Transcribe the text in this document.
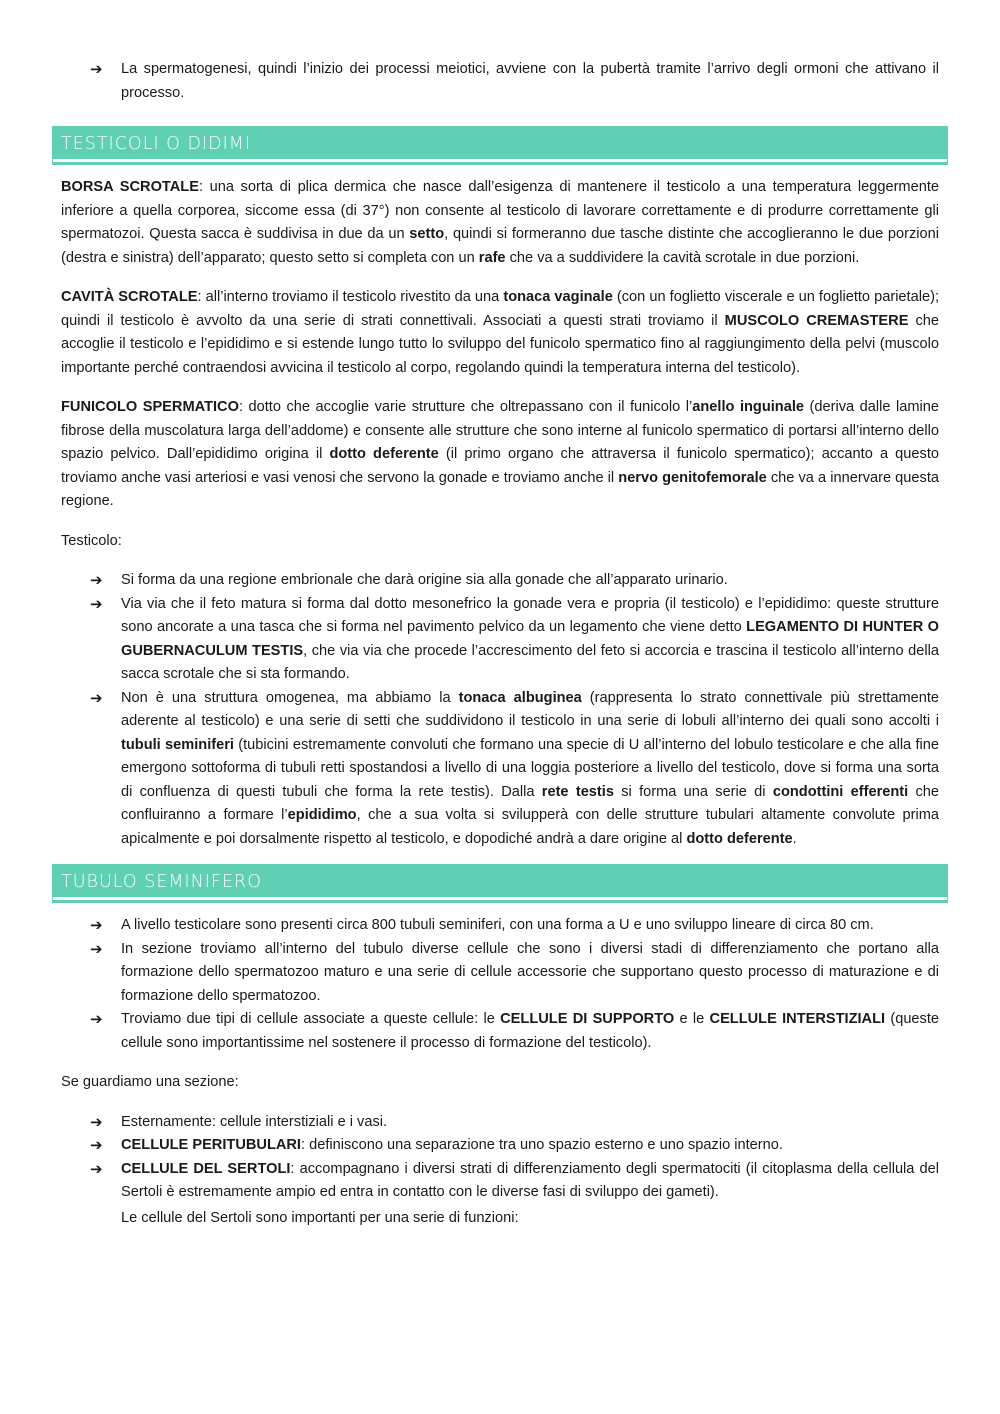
➔	La spermatogenesi, quindi l’inizio dei processi meiotici, avviene con la pubertà tramite l’arrivo degli ormoni che attivano il processo.
TESTICOLI O DIDIMI

BORSA SCROTALE: una sorta di plica dermica che nasce dall’esigenza di mantenere il testicolo a una temperatura leggermente inferiore a quella corporea, siccome essa (di 37°) non consente al testicolo di lavorare correttamente e di produrre correttamente gli spermatozoi. Questa sacca è suddivisa in due da un setto, quindi si formeranno due tasche distinte che accoglieranno le due porzioni (destra e sinistra) dell’apparato; questo setto si completa con un rafe che va a suddividere la cavità scrotale in due porzioni.

CAVITÀ SCROTALE: all’interno troviamo il testicolo rivestito da una tonaca vaginale (con un foglietto viscerale e un foglietto parietale); quindi il testicolo è avvolto da una serie di strati connettivali. Associati a questi strati troviamo il MUSCOLO CREMASTERE che accoglie il testicolo e l’epididimo e si estende lungo tutto lo sviluppo del funicolo spermatico fino al raggiungimento della pelvi (muscolo importante perché contraendosi avvicina il testicolo al corpo, regolando quindi la temperatura interna del testicolo).

FUNICOLO SPERMATICO: dotto che accoglie varie strutture che oltrepassano con il funicolo l’anello inguinale (deriva dalle lamine fibrose della muscolatura larga dell’addome) e consente alle strutture che sono interne al funicolo spermatico di portarsi all’interno dello spazio pelvico. Dall’epididimo origina il dotto deferente (il primo organo che attraversa il funicolo spermatico); accanto a questo troviamo anche vasi arteriosi e vasi venosi che servono la gonade e troviamo anche il nervo genitofemorale che va a innervare questa regione.

Testicolo:

➔	Si forma da una regione embrionale che darà origine sia alla gonade che all’apparato urinario.
➔	Via via che il feto matura si forma dal dotto mesonefrico la gonade vera e propria (il testicolo) e l’epididimo: queste strutture sono ancorate a una tasca che si forma nel pavimento pelvico da un legamento che viene detto LEGAMENTO DI HUNTER O GUBERNACULUM TESTIS, che via via che procede l’accrescimento del feto si accorcia e trascina il testicolo all’interno della sacca scrotale che si sta formando.
➔	Non è una struttura omogenea, ma abbiamo la tonaca albuginea (rappresenta lo strato connettivale più strettamente aderente al testicolo) e una serie di setti che suddividono il testicolo in una serie di lobuli all’interno dei quali sono accolti i tubuli seminiferi (tubicini estremamente convoluti che formano una specie di U all’interno del lobulo testicolare e che alla fine emergono sottoforma di tubuli retti spostandosi a livello di una loggia posteriore a livello del testicolo, dove si forma una sorta di confluenza di questi tubuli che forma la rete testis). Dalla rete testis si forma una serie di condottini efferenti che confluiranno a formare l’epididimo, che a sua volta si svilupperà con delle strutture tubulari altamente convolute prima apicalmente e poi dorsalmente rispetto al testicolo, e dopodiché andrà a dare origine al dotto deferente.
TUBULO SEMINIFERO
➔	A livello testicolare sono presenti circa 800 tubuli seminiferi, con una forma a U e uno sviluppo lineare di circa 80 cm.
➔	In sezione troviamo all’interno del tubulo diverse cellule che sono i diversi stadi di differenziamento che portano alla formazione dello spermatozoo maturo e una serie di cellule accessorie che supportano questo processo di maturazione e di formazione dello spermatozoo.
➔	Troviamo due tipi di cellule associate a queste cellule: le CELLULE DI SUPPORTO e le CELLULE INTERSTIZIALI (queste cellule sono importantissime nel sostenere il processo di formazione del testicolo).

Se guardiamo una sezione:

➔	Esternamente: cellule interstiziali e i vasi.
➔	CELLULE PERITUBULARI: definiscono una separazione tra uno spazio esterno e uno spazio interno.
➔	CELLULE DEL SERTOLI: accompagnano i diversi strati di differenziamento degli spermatociti (il citoplasma della cellula del Sertoli è estremamente ampio ed entra in contatto con le diverse fasi di sviluppo dei gameti).
Le cellule del Sertoli sono importanti per una serie di funzioni:
